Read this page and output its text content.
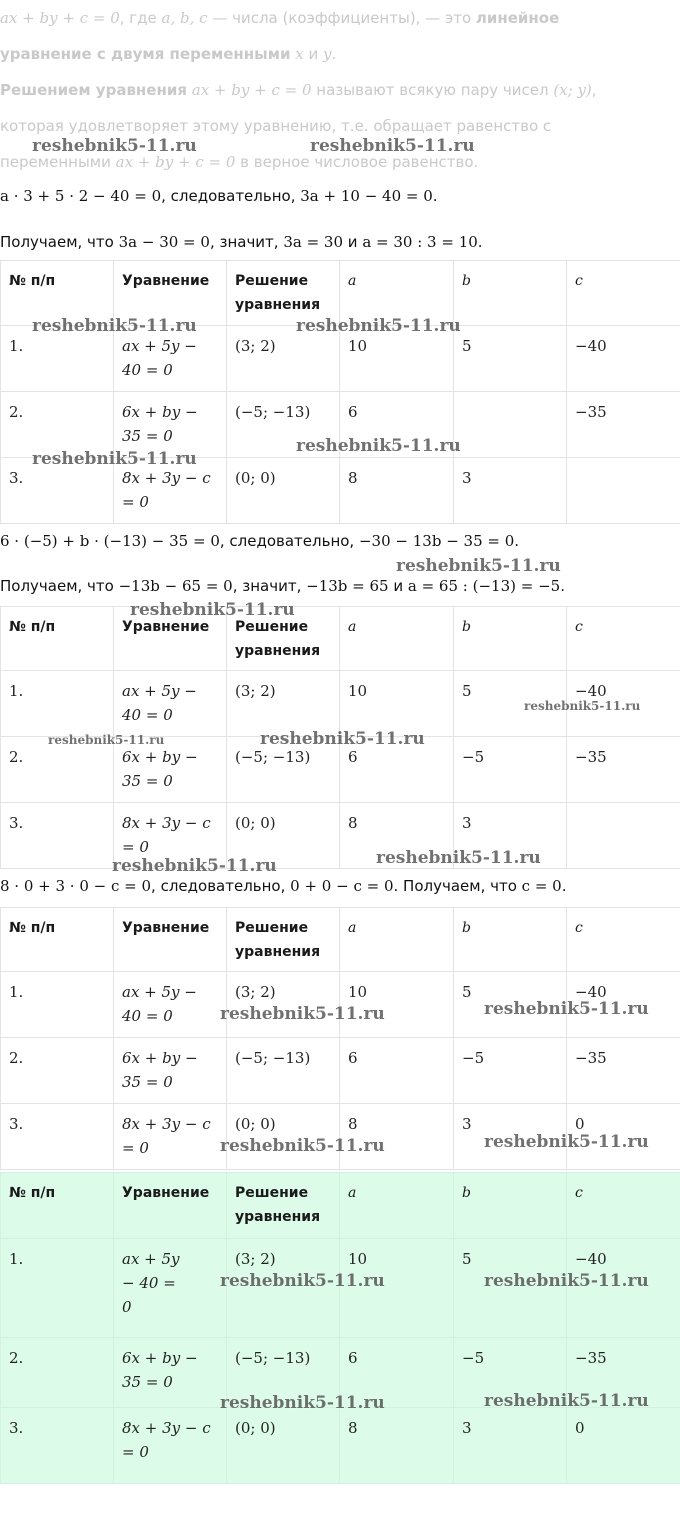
ax + by + c = 0, где a, b, c — числа (коэффициенты), — это линейное
уравнение с двумя переменными x и y.
Решением уравнения ax + by + c = 0 называют всякую пару чисел (x; y),
которая удовлетворяет этому уравнению, т.е. обращает равенство с
переменными ax + by + c = 0 в верное числовое равенство.
a · 3 + 5 · 2 − 40 = 0, следовательно, 3a + 10 − 40 = 0.
Получаем, что 3a − 30 = 0, значит, 3a = 30 и a = 30 : 3 = 10.
№ п/п	Уравнение	Решение уравнения	a	b	c
1.	ax + 5y − 40 = 0	(3; 2)	10	5	−40
2.	6x + by − 35 = 0	(−5; −13)	6		−35
3.	8x + 3y − c = 0	(0; 0)	8	3	
6 · (−5) + b · (−13) − 35 = 0, следовательно, −30 − 13b − 35 = 0.
Получаем, что −13b − 65 = 0, значит, −13b = 65 и a = 65 : (−13) = −5.
№ п/п	Уравнение	Решение уравнения	a	b	c
1.	ax + 5y − 40 = 0	(3; 2)	10	5	−40
2.	6x + by − 35 = 0	(−5; −13)	6	−5	−35
3.	8x + 3y − c = 0	(0; 0)	8	3	
8 · 0 + 3 · 0 − c = 0, следовательно, 0 + 0 − c = 0. Получаем, что c = 0.
№ п/п	Уравнение	Решение уравнения	a	b	c
1.	ax + 5y − 40 = 0	(3; 2)	10	5	−40
2.	6x + by − 35 = 0	(−5; −13)	6	−5	−35
3.	8x + 3y − c = 0	(0; 0)	8	3	0
№ п/п	Уравнение	Решение уравнения	a	b	c
1.	ax + 5y − 40 = 0	(3; 2)	10	5	−40
2.	6x + by − 35 = 0	(−5; −13)	6	−5	−35
3.	8x + 3y − c = 0	(0; 0)	8	3	0
reshebnik5-11.ru	reshebnik5-11.ru
reshebnik5-11.ru	reshebnik5-11.ru
reshebnik5-11.ru
reshebnik5-11.ru
reshebnik5-11.ru
reshebnik5-11.ru
reshebnik5-11.ru
reshebnik5-11.ru	reshebnik5-11.ru
reshebnik5-11.ru
reshebnik5-11.ru
reshebnik5-11.ru	reshebnik5-11.ru
reshebnik5-11.ru
reshebnik5-11.ru
reshebnik5-11.ru	reshebnik5-11.ru
reshebnik5-11.ru	reshebnik5-11.ru
